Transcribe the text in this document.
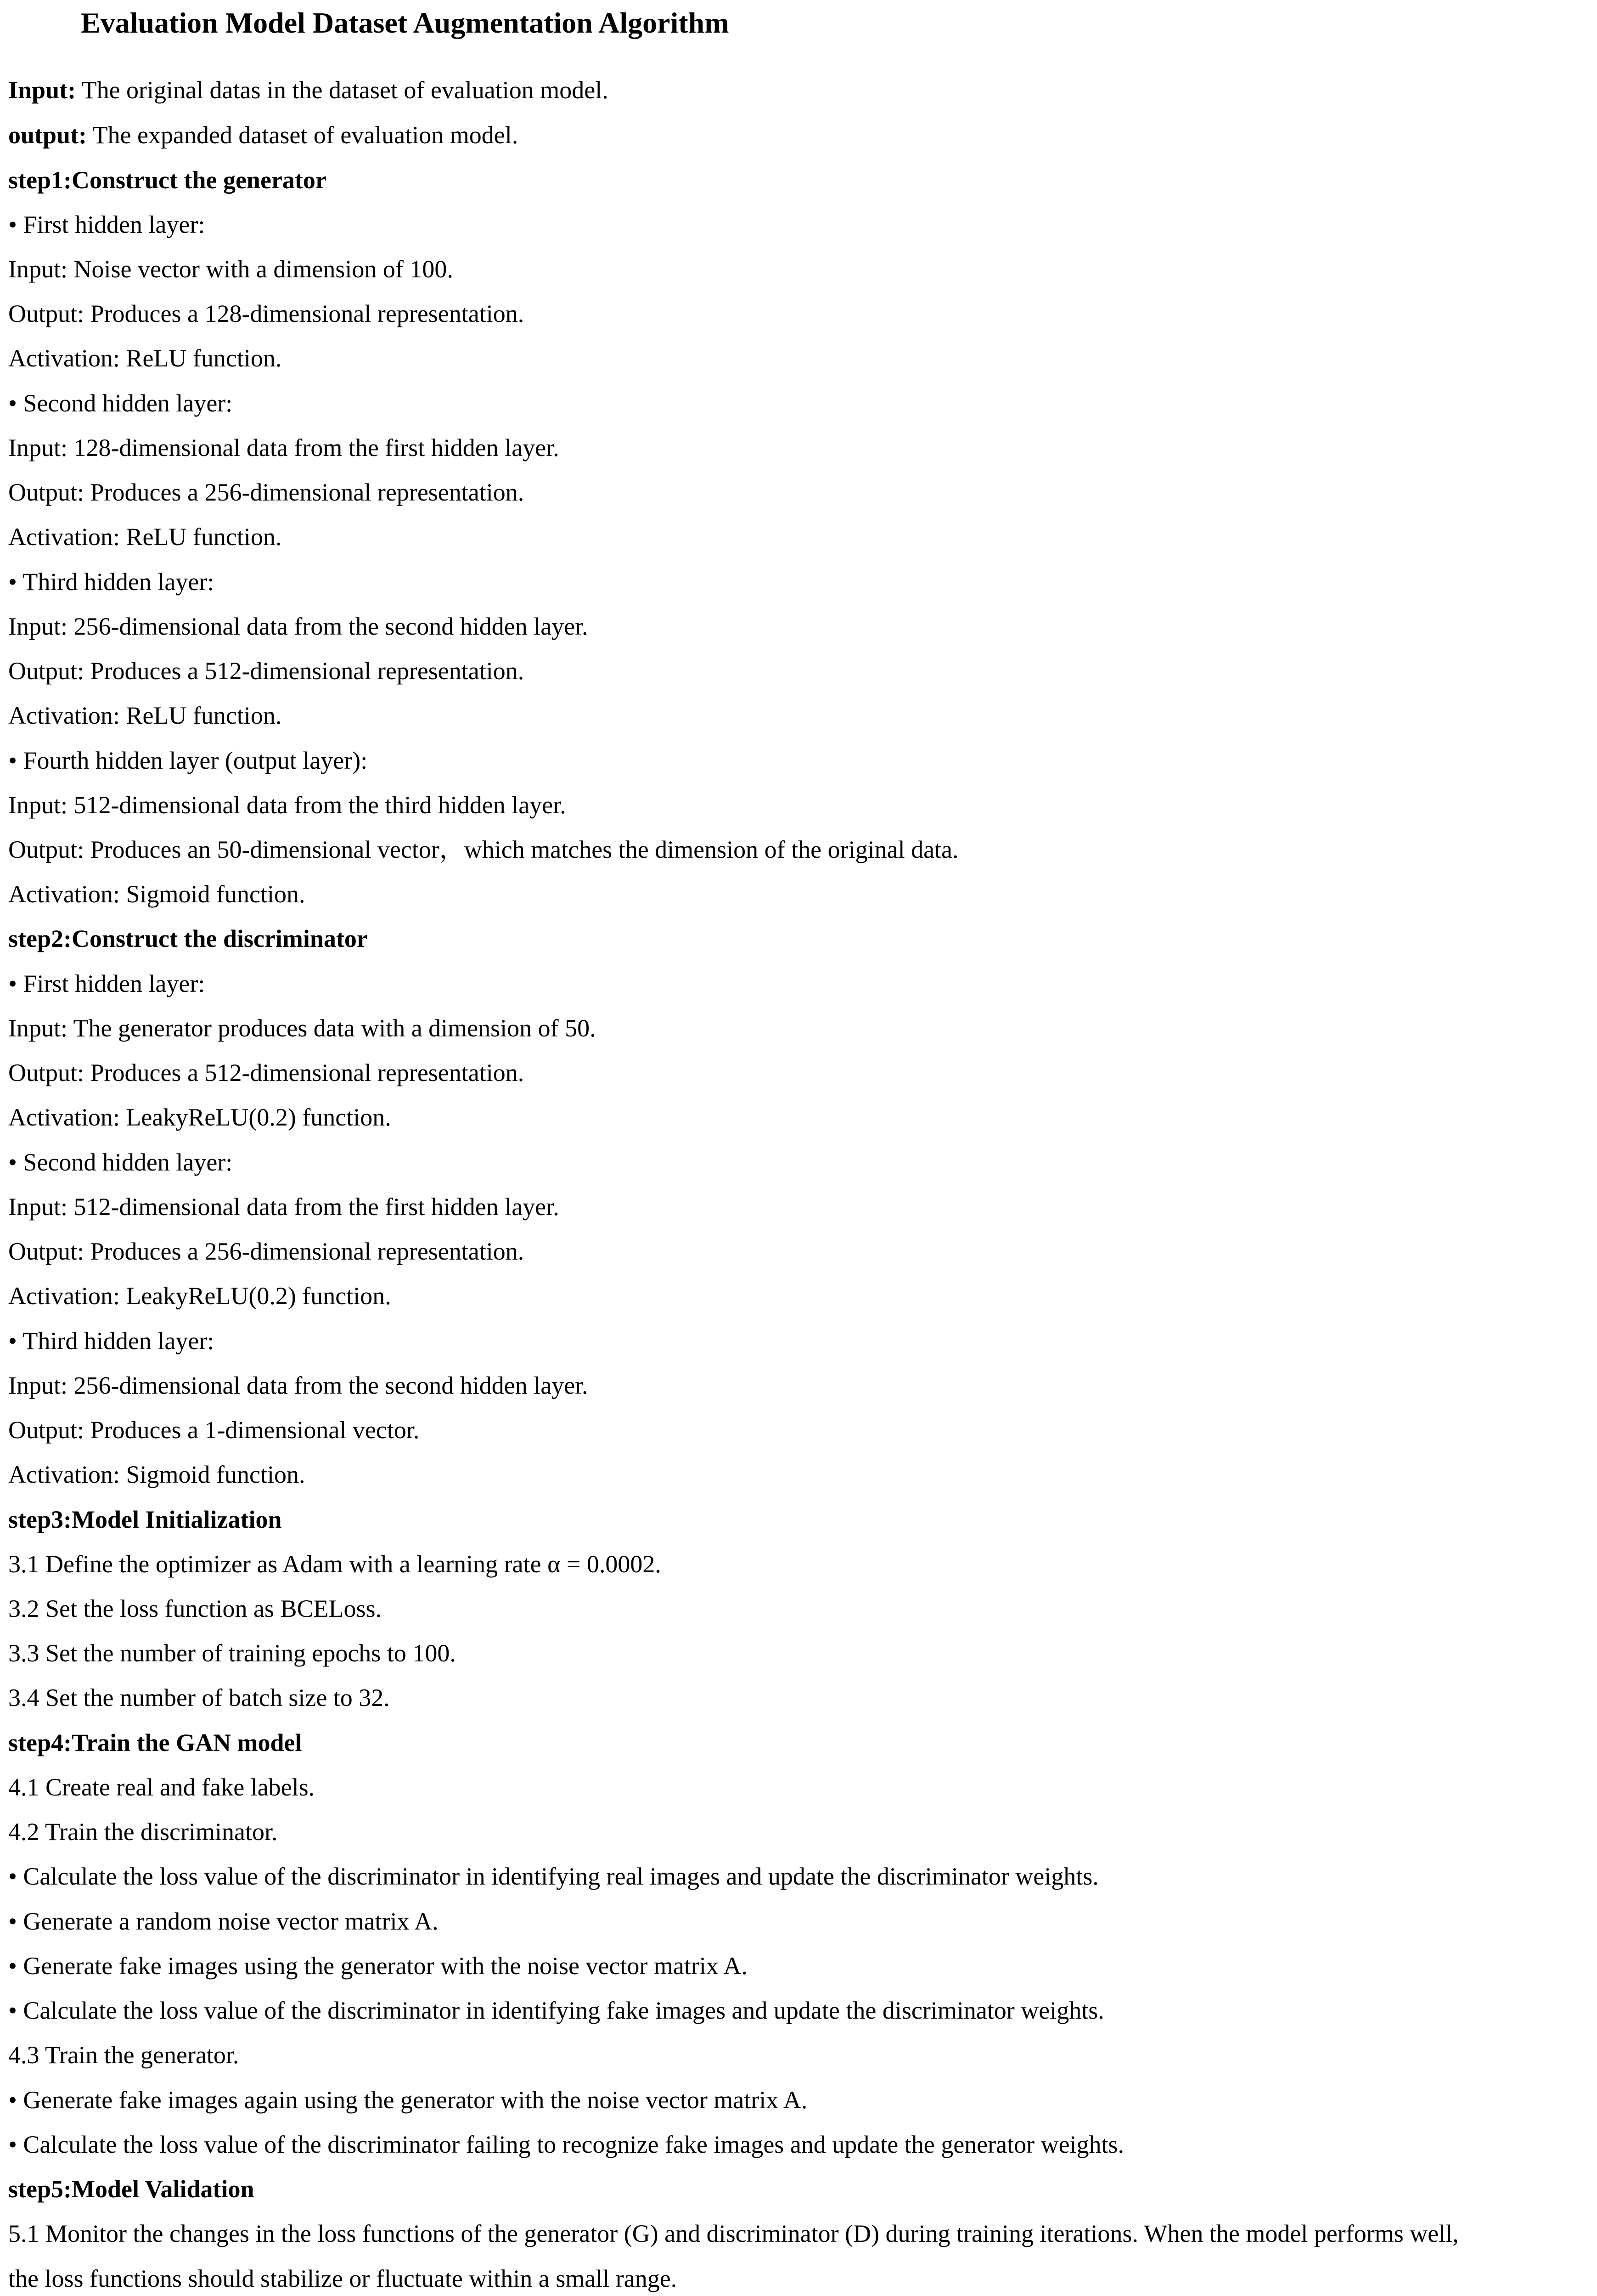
Evaluation Model Dataset Augmentation Algorithm
Input: The original datas in the dataset of evaluation model.
output: The expanded dataset of evaluation model.
step1:Construct the generator
• First hidden layer:
Input: Noise vector with a dimension of 100.
Output: Produces a 128-dimensional representation.
Activation: ReLU function.
• Second hidden layer:
Input: 128-dimensional data from the first hidden layer.
Output: Produces a 256-dimensional representation.
Activation: ReLU function.
• Third hidden layer:
Input: 256-dimensional data from the second hidden layer.
Output: Produces a 512-dimensional representation.
Activation: ReLU function.
• Fourth hidden layer (output layer):
Input: 512-dimensional data from the third hidden layer.
Output: Produces an 50-dimensional vector，which matches the dimension of the original data.
Activation: Sigmoid function.
step2:Construct the discriminator
• First hidden layer:
Input: The generator produces data with a dimension of 50.
Output: Produces a 512-dimensional representation.
Activation: LeakyReLU(0.2) function.
• Second hidden layer:
Input: 512-dimensional data from the first hidden layer.
Output: Produces a 256-dimensional representation.
Activation: LeakyReLU(0.2) function.
• Third hidden layer:
Input: 256-dimensional data from the second hidden layer.
Output: Produces a 1-dimensional vector.
Activation: Sigmoid function.
step3:Model Initialization
3.1 Define the optimizer as Adam with a learning rate α = 0.0002.
3.2 Set the loss function as BCELoss.
3.3 Set the number of training epochs to 100.
3.4 Set the number of batch size to 32.
step4:Train the GAN model
4.1 Create real and fake labels.
4.2 Train the discriminator.
• Calculate the loss value of the discriminator in identifying real images and update the discriminator weights.
• Generate a random noise vector matrix A.
• Generate fake images using the generator with the noise vector matrix A.
• Calculate the loss value of the discriminator in identifying fake images and update the discriminator weights.
4.3 Train the generator.
• Generate fake images again using the generator with the noise vector matrix A.
• Calculate the loss value of the discriminator failing to recognize fake images and update the generator weights.
step5:Model Validation
5.1 Monitor the changes in the loss functions of the generator (G) and discriminator (D) during training iterations. When the model performs well,
the loss functions should stabilize or fluctuate within a small range.
